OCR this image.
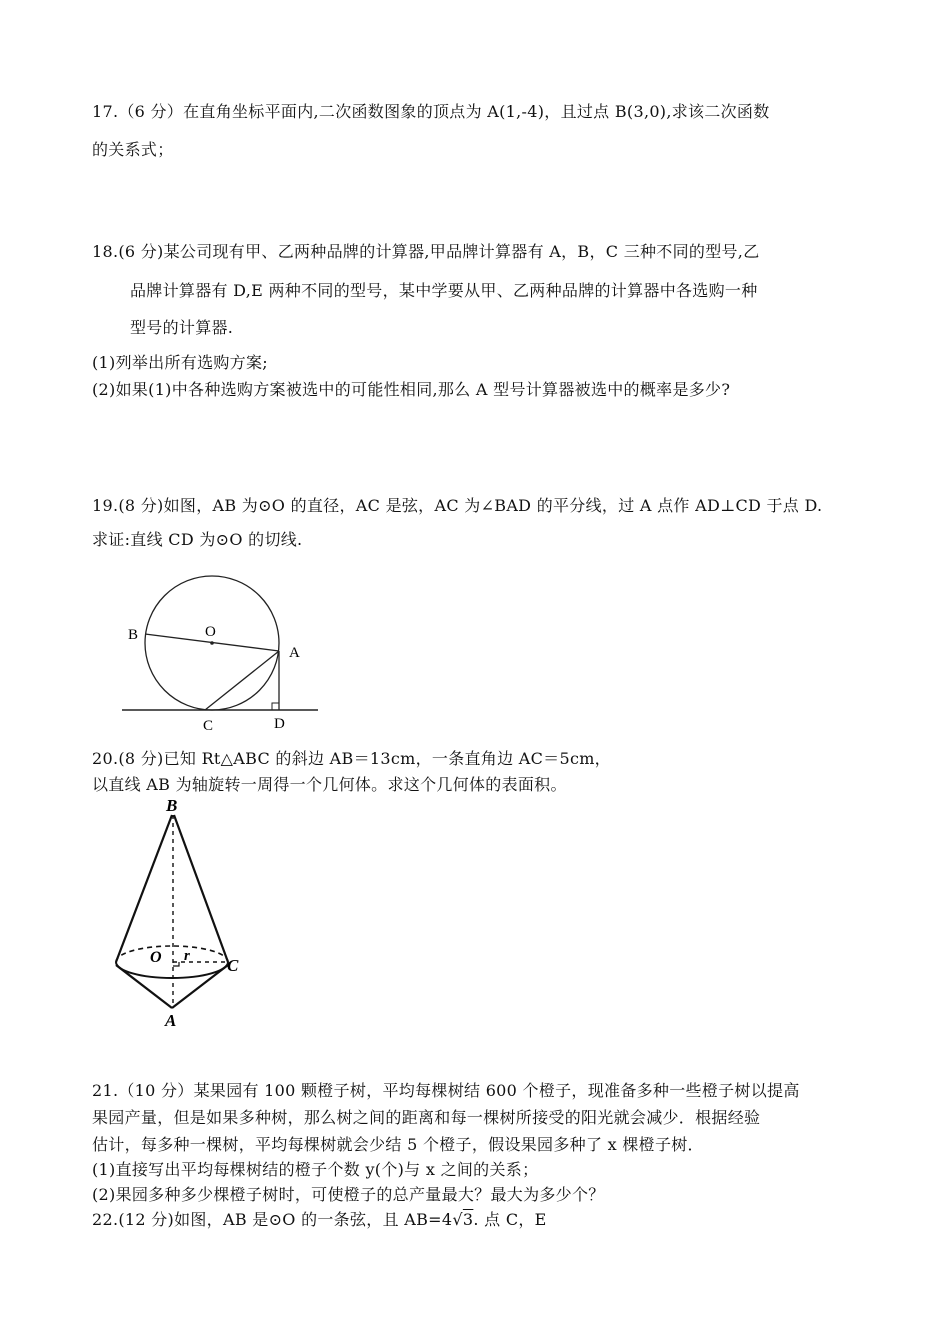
17.（6 分）在直角坐标平面内,二次函数图象的顶点为 A(1,-4)，且过点 B(3,0),求该二次函数
的关系式；
18.(6 分)某公司现有甲、乙两种品牌的计算器,甲品牌计算器有 A，B，C 三种不同的型号,乙
品牌计算器有 D,E 两种不同的型号，某中学要从甲、乙两种品牌的计算器中各选购一种
型号的计算器.
(1)列举出所有选购方案;
(2)如果(1)中各种选购方案被选中的可能性相同,那么 A 型号计算器被选中的概率是多少?
19.(8 分)如图，AB 为⊙O 的直径，AC 是弦，AC 为∠BAD 的平分线，过 A 点作 AD⊥CD 于点 D.
求证:直线 CD 为⊙O 的切线.
B	O
A
C	D
20.(8 分)已知 Rt△ABC 的斜边 AB＝13cm，一条直角边 AC＝5cm，
以直线 AB 为轴旋转一周得一个几何体。求这个几何体的表面积。
B
O r C
A
21.（10 分）某果园有 100 颗橙子树，平均每棵树结 600 个橙子，现准备多种一些橙子树以提高
果园产量，但是如果多种树，那么树之间的距离和每一棵树所接受的阳光就会减少．根据经验
估计，每多种一棵树，平均每棵树就会少结 5 个橙子，假设果园多种了 x 棵橙子树．
(1)直接写出平均每棵树结的橙子个数 y(个)与 x 之间的关系；
(2)果园多种多少棵橙子树时，可使橙子的总产量最大？最大为多少个？
22.(12 分)如图，AB 是⊙O 的一条弦，且 AB=4√3. 点 C，E
